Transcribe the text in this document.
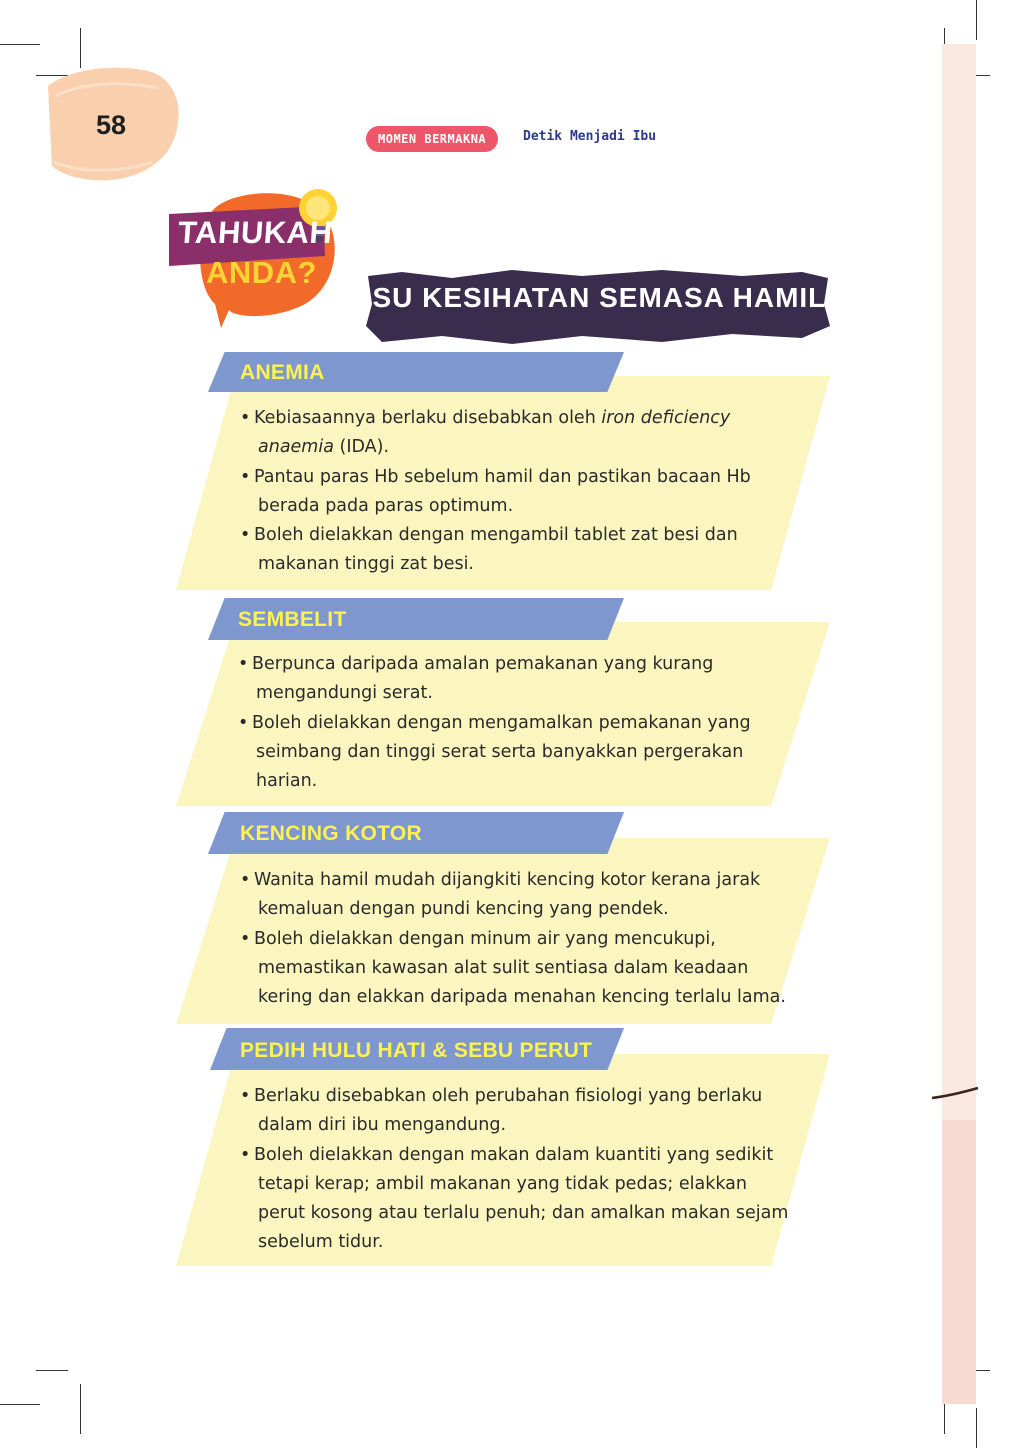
58	MOMEN BERMAKNA	Detik Menjadi Ibu
TAHUKAH
ANDA?
ISU KESIHATAN SEMASA HAMIL
ANEMIA

• Kebiasaannya berlaku disebabkan oleh iron deficiency

anaemia (IDA).

• Pantau paras Hb sebelum hamil dan pastikan bacaan Hb

berada pada paras optimum.

• Boleh dielakkan dengan mengambil tablet zat besi dan

makanan tinggi zat besi.

SEMBELIT

• Berpunca daripada amalan pemakanan yang kurang

mengandungi serat.

• Boleh dielakkan dengan mengamalkan pemakanan yang

seimbang dan tinggi serat serta banyakkan pergerakan

harian.

KENCING KOTOR

• Wanita hamil mudah dijangkiti kencing kotor kerana jarak

kemaluan dengan pundi kencing yang pendek.

• Boleh dielakkan dengan minum air yang mencukupi,

memastikan kawasan alat sulit sentiasa dalam keadaan

kering dan elakkan daripada menahan kencing terlalu lama.

PEDIH HULU HATI & SEBU PERUT

• Berlaku disebabkan oleh perubahan fisiologi yang berlaku

dalam diri ibu mengandung.

• Boleh dielakkan dengan makan dalam kuantiti yang sedikit

tetapi kerap; ambil makanan yang tidak pedas; elakkan

perut kosong atau terlalu penuh; dan amalkan makan sejam

sebelum tidur.
